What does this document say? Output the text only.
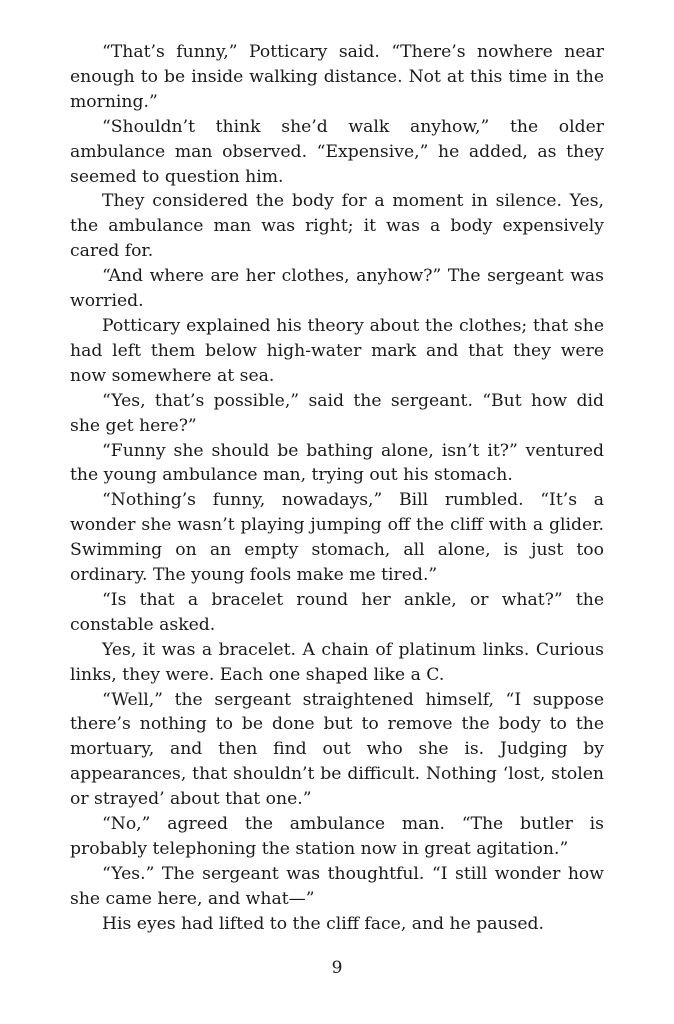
“That’s funny,” Potticary said. “There’s nowhere near enough to be inside walking distance. Not at this time in the morning.”

“Shouldn’t think she’d walk anyhow,” the older ambulance man observed. “Expensive,” he added, as they seemed to question him.

They considered the body for a moment in silence. Yes, the ambulance man was right; it was a body expensively cared for.

“And where are her clothes, anyhow?” The sergeant was worried.

Potticary explained his theory about the clothes; that she had left them below high-water mark and that they were now somewhere at sea.

“Yes, that’s possible,” said the sergeant. “But how did she get here?”

“Funny she should be bathing alone, isn’t it?” ventured the young ambulance man, trying out his stomach.

“Nothing’s funny, nowadays,” Bill rumbled. “It’s a wonder she wasn’t playing jumping off the cliff with a glider. Swimming on an empty stomach, all alone, is just too ordinary. The young fools make me tired.”

“Is that a bracelet round her ankle, or what?” the constable asked.

Yes, it was a bracelet. A chain of platinum links. Curious links, they were. Each one shaped like a C.

“Well,” the sergeant straightened himself, “I suppose there’s nothing to be done but to remove the body to the mortuary, and then find out who she is. Judging by appearances, that shouldn’t be difficult. Nothing ‘lost, stolen or strayed’ about that one.”

“No,” agreed the ambulance man. “The butler is probably telephoning the station now in great agitation.”

“Yes.” The sergeant was thoughtful. “I still wonder how she came here, and what—”

His eyes had lifted to the cliff face, and he paused.

9
